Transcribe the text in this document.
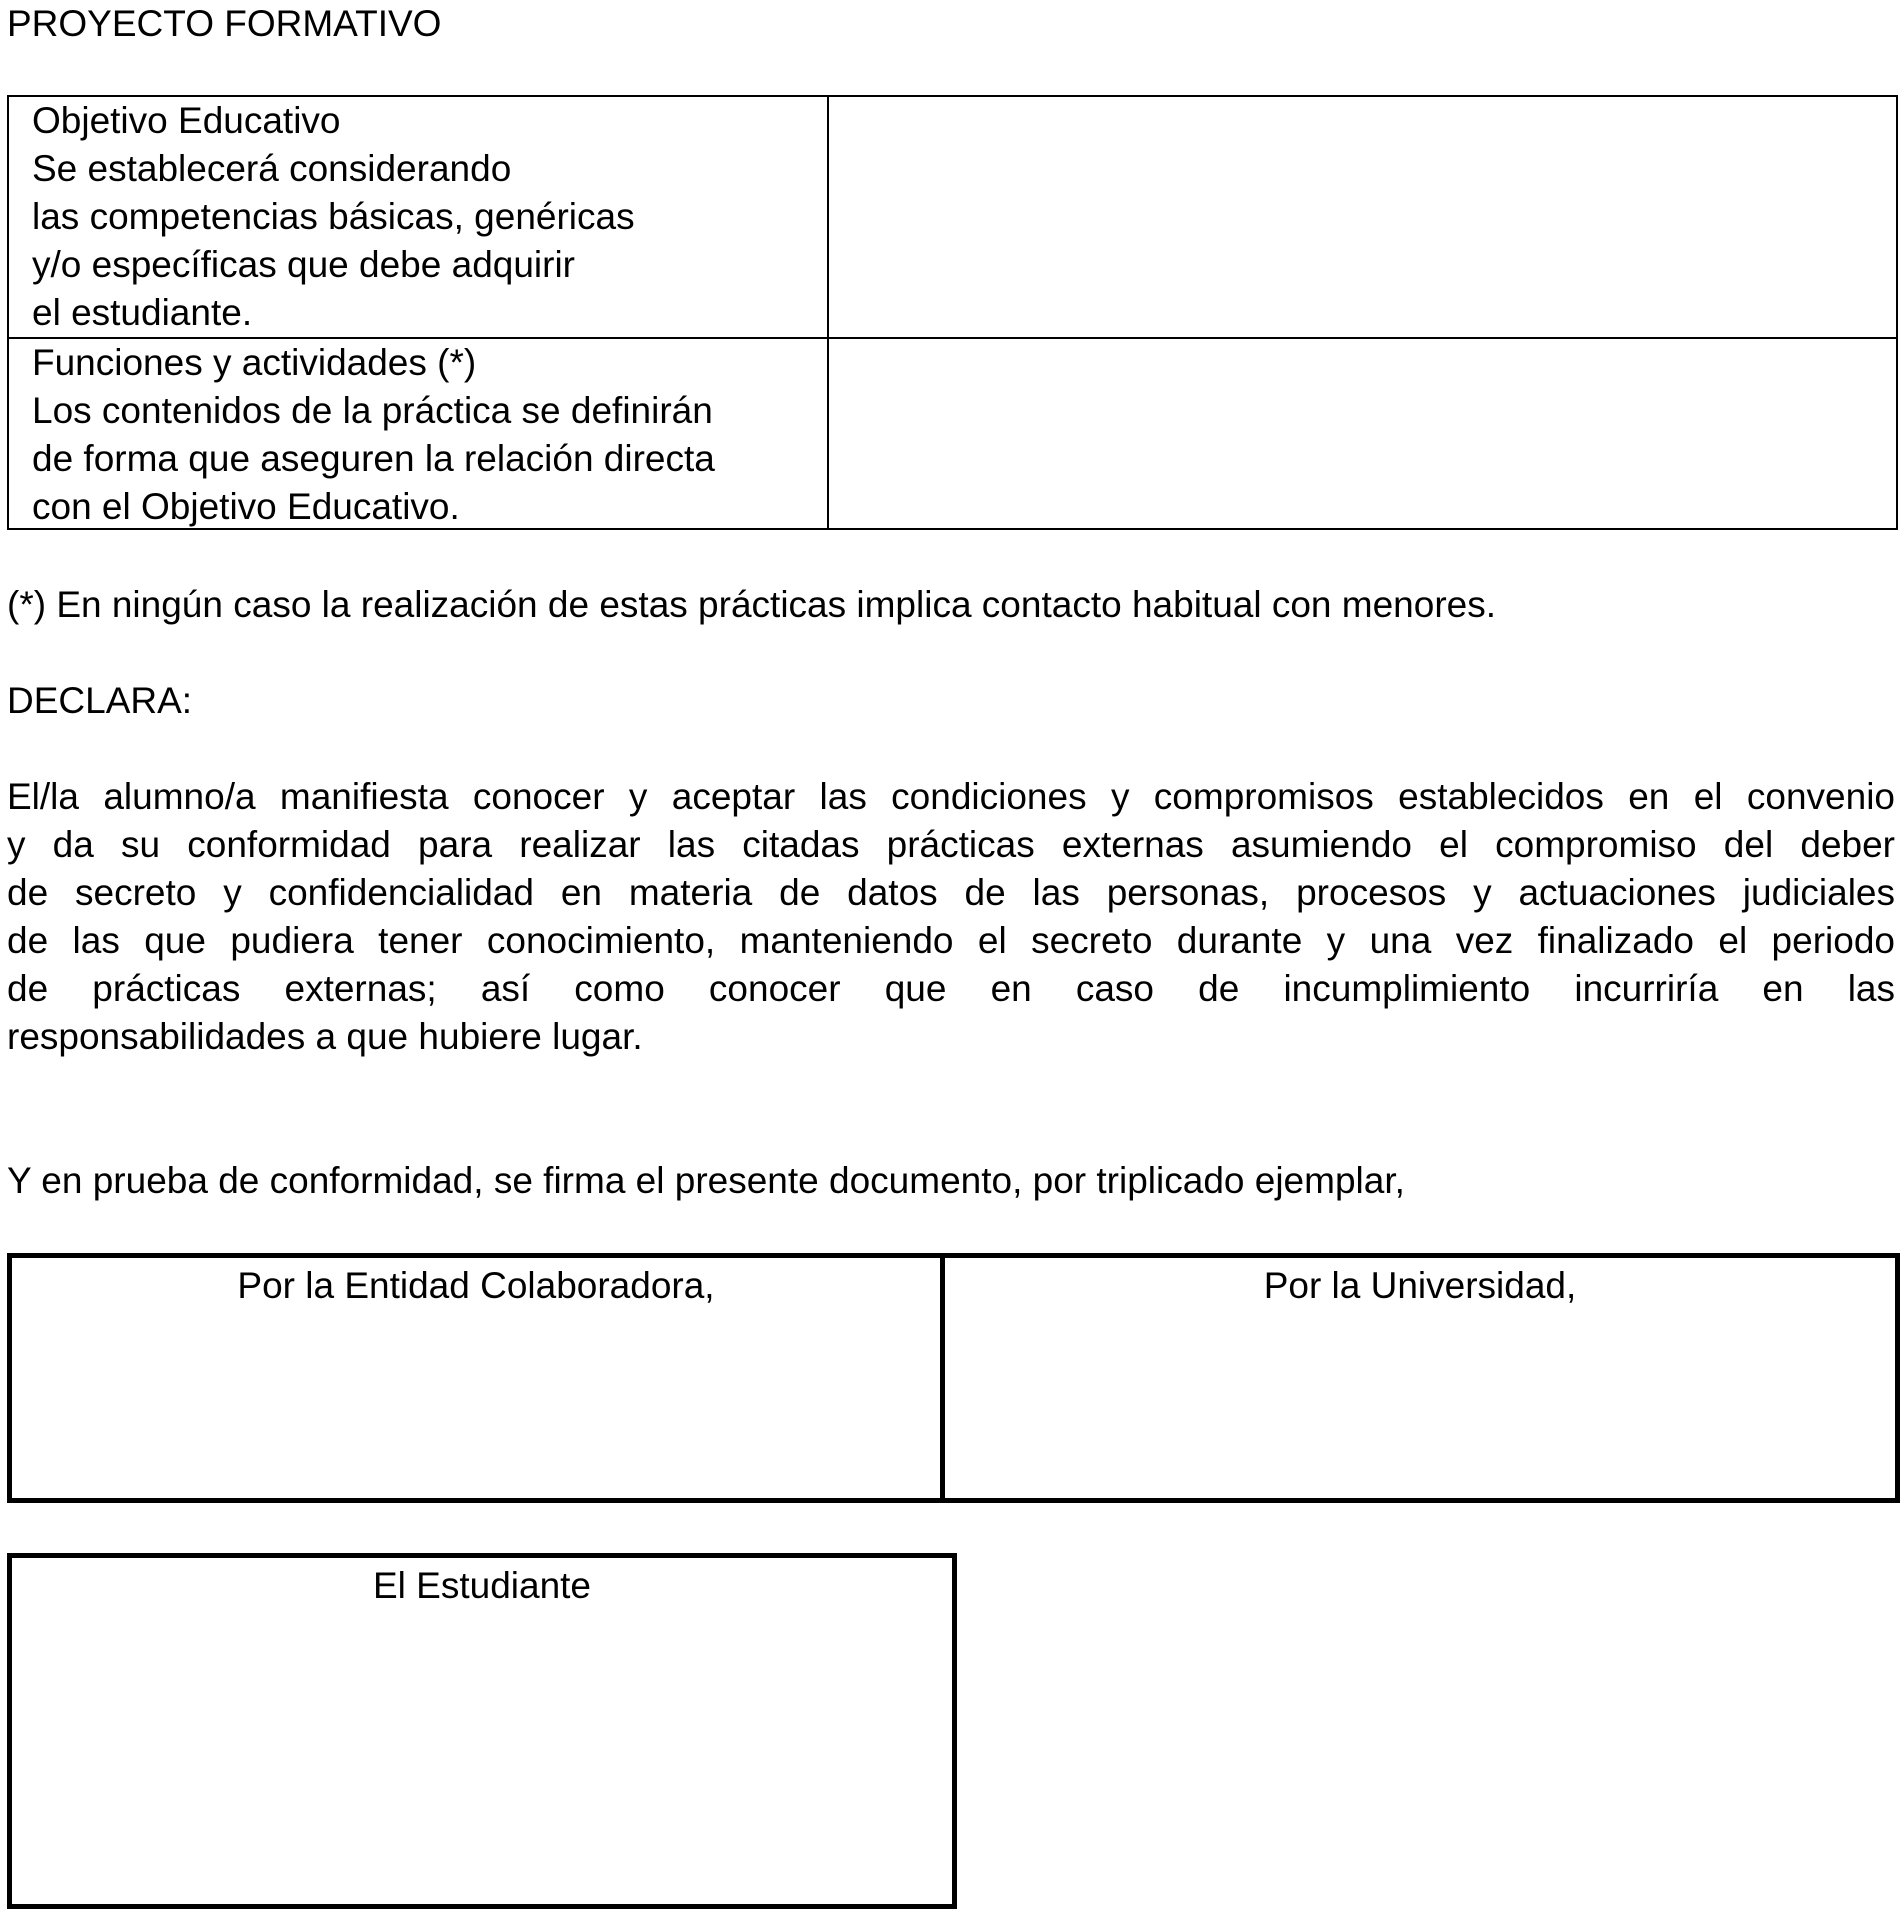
PROYECTO FORMATIVO
Objetivo Educativo
Se establecerá considerando
las competencias básicas, genéricas
y/o específicas que debe adquirir
el estudiante.
Funciones y actividades (*)
Los contenidos de la práctica se definirán
de forma que aseguren la relación directa
con el Objetivo Educativo.
(*) En ningún caso la realización de estas prácticas implica contacto habitual con menores.
DECLARA:
El/la alumno/a manifiesta conocer y aceptar las condiciones y compromisos establecidos en el convenio
y da su conformidad para realizar las citadas prácticas externas asumiendo el compromiso del deber
de secreto y confidencialidad en materia de datos de las personas, procesos y actuaciones judiciales
de las que pudiera tener conocimiento, manteniendo el secreto durante y una vez finalizado el periodo
de prácticas externas; así como conocer que en caso de incumplimiento incurriría en las
responsabilidades a que hubiere lugar.
Y en prueba de conformidad, se firma el presente documento, por triplicado ejemplar,
Por la Entidad Colaboradora,	Por la Universidad,
El Estudiante
